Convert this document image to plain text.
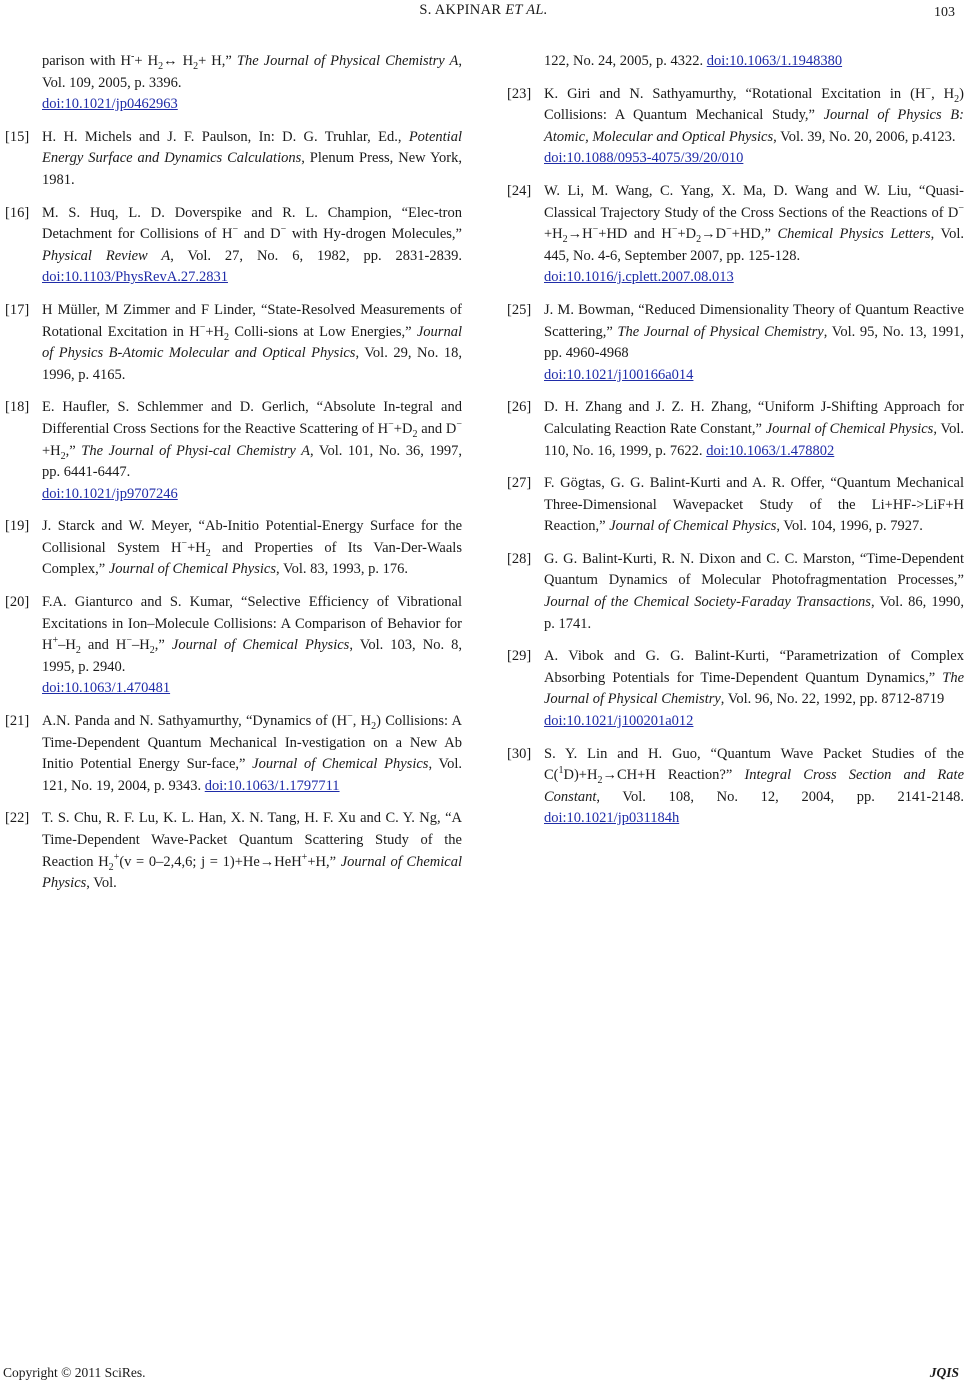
S. AKPINAR ET AL.	103
parison with $H^-+ H_2\leftrightarrow$ $H_2+ H$,” The Journal of Physical Chemistry A, Vol. 109, 2005, p. 3396.
doi:10.1021/jp0462963
[15] H. H. Michels and J. F. Paulson, In: D. G. Truhlar, Ed., Potential Energy Surface and Dynamics Calculations, Plenum Press, New York, 1981.
[16] M. S. Huq, L. D. Doverspike and R. L. Champion, “Elec-tron Detachment for Collisions of H− and D− with Hy-drogen Molecules,” Physical Review A, Vol. 27, No. 6, 1982, pp. 2831-2839. doi:10.1103/PhysRevA.27.2831
[17] H Müller, M Zimmer and F Linder, “State-Resolved Measurements of Rotational Excitation in $H^-+H_2$ Colli-sions at Low Energies,” Journal of Physics B-Atomic Molecular and Optical Physics, Vol. 29, No. 18, 1996, p. 4165.
[18] E. Haufler, S. Schlemmer and D. Gerlich, “Absolute In-tegral and Differential Cross Sections for the Reactive Scattering of $H^-+D_2$ and $D^-+H_2$,” The Journal of Physi-cal Chemistry A, Vol. 101, No. 36, 1997, pp. 6441-6447.
doi:10.1021/jp9707246
[19] J. Starck and W. Meyer, “Ab-Initio Potential-Energy Surface for the Collisional System $H^-+H_2$ and Properties of Its Van-Der-Waals Complex,” Journal of Chemical Physics, Vol. 83, 1993, p. 176.
[20] F.A. Gianturco and S. Kumar, “Selective Efficiency of Vibrational Excitations in Ion–Molecule Collisions: A Comparison of Behavior for $H^+-H_2$ and $H^--H_2$,” Journal of Chemical Physics, Vol. 103, No. 8, 1995, p. 2940.
doi:10.1063/1.470481
[21] A.N. Panda and N. Sathyamurthy, “Dynamics of (H−, $H_2$) Collisions: A Time-Dependent Quantum Mechanical In-vestigation on a New Ab Initio Potential Energy Sur-face,” Journal of Chemical Physics, Vol. 121, No. 19, 2004, p. 9343. doi:10.1063/1.1797711
[22] T. S. Chu, R. F. Lu, K. L. Han, X. N. Tang, H. F. Xu and C. Y. Ng, “A Time-Dependent Wave-Packet Quantum Scattering Study of the Reaction $H_2^+(v = 0-2,4,6$; j = 1)+He→HeH++H,” Journal of Chemical Physics, Vol.
122, No. 24, 2005, p. 4322. doi:10.1063/1.1948380
[23] K. Giri and N. Sathyamurthy, “Rotational Excitation in (H−, $H_2$) Collisions: A Quantum Mechanical Study,” Journal of Physics B: Atomic, Molecular and Optical Physics, Vol. 39, No. 20, 2006, p.4123.
doi:10.1088/0953-4075/39/20/010
[24] W. Li, M. Wang, C. Yang, X. Ma, D. Wang and W. Liu, “Quasi-Classical Trajectory Study of the Cross Sections of the Reactions of $D^-+H_2\to H^-+HD$ and $H^-+D_2\to D^-+HD$,” Chemical Physics Letters, Vol. 445, No. 4-6, September 2007, pp. 125-128.
doi:10.1016/j.cplett.2007.08.013
[25] J. M. Bowman, “Reduced Dimensionality Theory of Quantum Reactive Scattering,” The Journal of Physical Chemistry, Vol. 95, No. 13, 1991, pp. 4960-4968
doi:10.1021/j100166a014
[26] D. H. Zhang and J. Z. H. Zhang, “Uniform J-Shifting Approach for Calculating Reaction Rate Constant,” Journal of Chemical Physics, Vol. 110, No. 16, 1999, p. 7622. doi:10.1063/1.478802
[27] F. Gögtas, G. G. Balint-Kurti and A. R. Offer, “Quantum Mechanical Three-Dimensional Wavepacket Study of the Li+HF->LiF+H Reaction,” Journal of Chemical Physics, Vol. 104, 1996, p. 7927.
[28] G. G. Balint-Kurti, R. N. Dixon and C. C. Marston, “Time-Dependent Quantum Dynamics of Molecular Photofragmentation Processes,” Journal of the Chemical Society-Faraday Transactions, Vol. 86, 1990, p. 1741.
[29] A. Vibok and G. G. Balint-Kurti, “Parametrization of Complex Absorbing Potentials for Time-Dependent Quantum Dynamics,” The Journal of Physical Chemistry, Vol. 96, No. 22, 1992, pp. 8712-8719
doi:10.1021/j100201a012
[30] S. Y. Lin and H. Guo, “Quantum Wave Packet Studies of the $C(^1D)+H_2\to CH+H$ Reaction?” Integral Cross Section and Rate Constant, Vol. 108, No. 12, 2004, pp. 2141-2148. doi:10.1021/jp031184h
Copyright © 2011 SciRes.	JQIS
